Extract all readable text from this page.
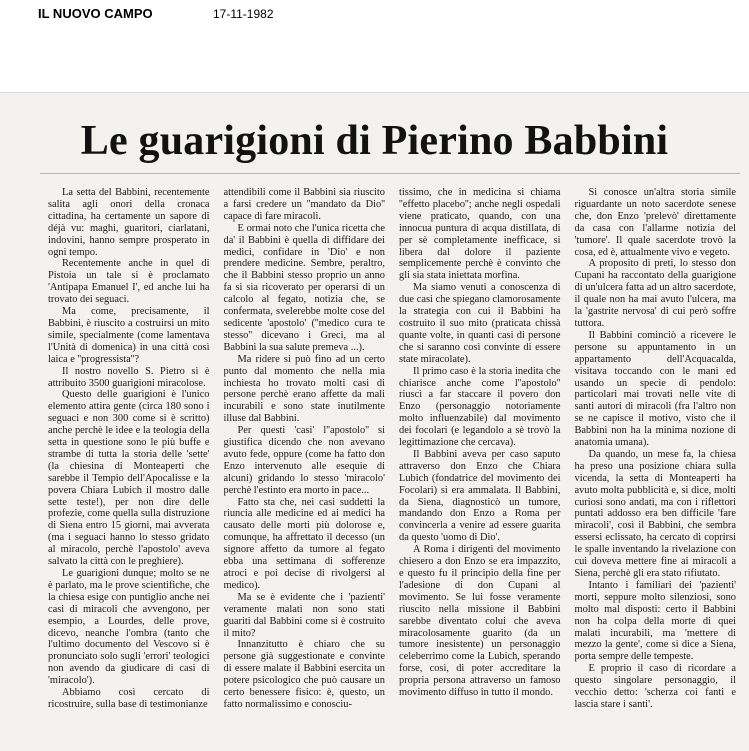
IL NUOVO CAMPO	17-11-1982
Le guarigioni di Pierino Babbini

La setta del Babbini, recentemente salita agli onori della cronaca cittadina, ha certamente un sapore di déjà vu: maghi, guaritori, ciarlatani, indovini, hanno sempre prosperato in ogni tempo.

Recentemente anche in quel di Pistoia un tale si è proclamato 'Antipapa Emanuel I', ed anche lui ha trovato dei seguaci.

Ma come, precisamente, il Babbini, è riuscito a costruirsi un mito simile, specialmente (come lamentava l'Unità di domenica) in una città così laica e ''progressista''?

Il nostro novello S. Pietro si è attribuito 3500 guarigioni miracolose.

Questo delle guarigioni è l'unico elemento attira gente (circa 180 sono i seguaci e non 300 come si è scritto) anche perchè le idee e la teologia della setta in questione sono le più buffe e strambe di tutta la storia delle 'sette' (la chiesina di Monteaperti che sarebbe il Tempio dell'Apocalisse e la povera Chiara Lubich il mostro dalle sette teste!), per non dire delle profezie, come quella sulla distruzione di Siena entro 15 giorni, mai avverata (ma i seguaci hanno lo stesso gridato al miracolo, perchè l'apostolo' aveva salvato la città con le preghiere).

Le guarigioni dunque; molto se ne è parlato, ma le prove scientifiche, che la chiesa esige con puntiglio anche nei casi di miracoli che avvengono, per esempio, a Lourdes, delle prove, dicevo, neanche l'ombra (tanto che l'ultimo documento del Vescovo si è pronunciato solo sugli 'errori' teologici non avendo da giudicare di casi di 'miracolo').

Abbiamo così cercato di ricostruire, sulla base di testimonianze

attendibili come il Babbini sia riuscito a farsi credere un ''mandato da Dio'' capace di fare miracoli.

E ormai noto che l'unica ricetta che da' il Babbini è quella di diffidare dei medici, confidare in 'Dio' e non prendere medicine. Sembre, peraltro, che il Babbini stesso proprio un anno fa si sia ricoverato per operarsi di un calcolo al fegato, notizia che, se confermata, svelerebbe molte cose del sedicente 'apostolo' (''medico cura te stesso'' dicevano i Greci, ma al Babbini la sua salute premeva ...).

Ma ridere si può fino ad un certo punto dal momento che nella mia inchiesta ho trovato molti casi di persone perchè erano affette da mali incurabili e sono state inutilmente illuse dal Babbini.

Per questi 'casi' l''apostolo'' si giustifica dicendo che non avevano avuto fede, oppure (come ha fatto don Enzo intervenuto alle esequie di alcuni) gridando lo stesso 'miracolo' perchè l'estinto era morto in pace...

Fatto sta che, nei casi suddetti la riuncia alle medicine ed ai medici ha causato delle morti più dolorose e, comunque, ha affrettato il decesso (un signore affetto da tumore al fegato ebba una settimana di sofferenze atroci e poi decise di rivolgersi al medico).

Ma se è evidente che i 'pazienti' veramente malati non sono stati guariti dal Babbini come si è costruito il mito?

Innanzitutto è chiaro che su persone già suggestionate e convinte di essere malate il Babbini esercita un potere psicologico che può causare un certo benessere fisico: è, questo, un fatto normalissimo e conosciu-

tissimo, che in medicina si chiama ''effetto placebo''; anche negli ospedali viene praticato, quando, con una innocua puntura di acqua distillata, di per sè completamente inefficace, si libera dal dolore il paziente semplicemente perchè è convinto che gli sia stata iniettata morfina.

Ma siamo venuti a conoscenza di due casi che spiegano clamorosamente la strategia con cui il Babbini ha costruito il suo mito (praticata chissà quante volte, in quanti casi di persone che si saranno così convinte di essere state miracolate).

Il primo caso è la storia inedita che chiarisce anche come l''apostolo'' riuscì a far staccare il povero don Enzo (personaggio notoriamente molto influenzabile) dal movimento dei focolari (e legandolo a sè trovò la legittimazione che cercava).

Il Babbini aveva per caso saputo attraverso don Enzo che Chiara Lubich (fondatrice del movimento dei Focolari) si era ammalata. Il Babbini, da Siena, diagnosticò un tumore, mandando don Enzo a Roma per convincerla a venire ad essere guarita da questo 'uomo di Dio'.

A Roma i dirigenti del movimento chiesero a don Enzo se era impazzito, e questo fu il principio della fine per l'adesione di don Cupani al movimento. Se lui fosse veramente riuscito nella missione il Babbini sarebbe diventato colui che aveva miracolosamente guarito (da un tumore inesistente) un personaggio celeberrimo come la Lubich, sperando forse, così, di poter accreditare la propria persona attraverso un famoso movimento diffuso in tutto il mondo.

Si conosce un'altra storia simile riguardante un noto sacerdote senese che, don Enzo 'prelevò' direttamente da casa con l'allarme notizia del 'tumore'. Il quale sacerdote trovò la cosa, ed è, attualmente vivo e vegeto.

A proposito di preti, lo stesso don Cupani ha raccontato della guarigione di un'ulcera fatta ad un altro sacerdote, il quale non ha mai avuto l'ulcera, ma la 'gastrite nervosa' di cui però soffre tuttora.

Il Babbini cominciò a ricevere le persone su appuntamento in un appartamento dell'Acquacalda, visitava toccando con le mani ed usando un specie di pendolo: particolari mai trovati nelle vite di santi autori di miracoli (fra l'altro non se ne capisce il motivo, visto che il Babbini non ha la minima nozione di anatomia umana).

Da quando, un mese fa, la chiesa ha preso una posizione chiara sulla vicenda, la setta di Monteaperti ha avuto molta pubblicità e, si dice, molti curiosi sono andati, ma con i riflettori puntati addosso era ben difficile 'fare miracoli', così il Babbini, che sembra essersi eclissato, ha cercato di coprirsi le spalle inventando la rivelazione con cui doveva mettere fine ai miracoli a Siena, perchè gli era stato rifiutato.

Intanto i familiari dei 'pazienti' morti, seppure molto silenziosi, sono molto mal disposti: certo il Babbini non ha colpa della morte di quei malati incurabili, ma 'mettere di mezzo la gente', come si dice a Siena, porta sempre delle tempeste.

E proprio il caso di ricordare a questo singolare personaggio, il vecchio detto: 'scherza coi fanti e lascia stare i santi'.
